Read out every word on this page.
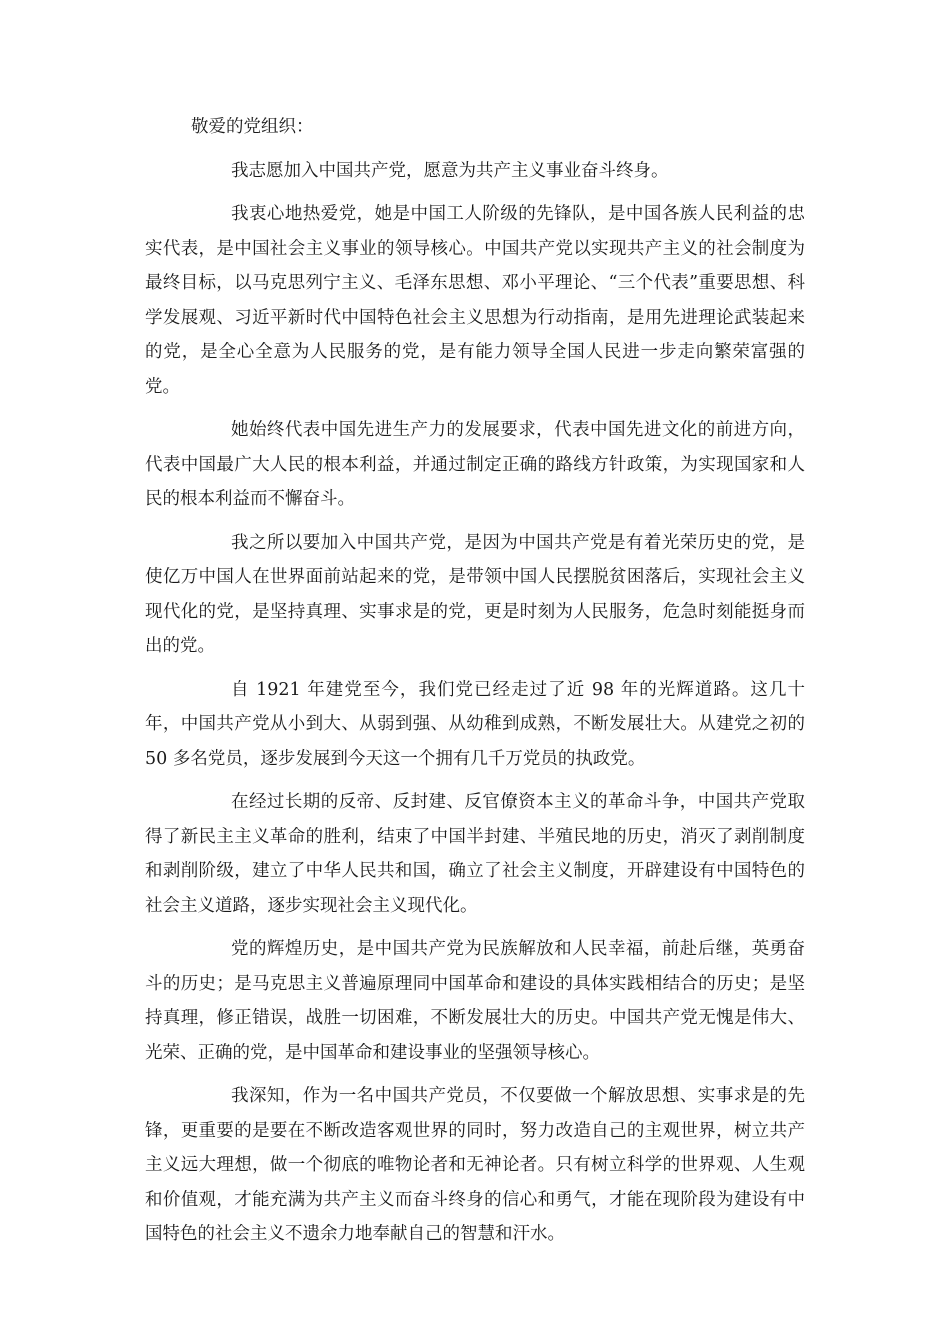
敬爱的党组织：

我志愿加入中国共产党，愿意为共产主义事业奋斗终身。

我衷心地热爱党，她是中国工人阶级的先锋队，是中国各族人民利益的忠实代表，是中国社会主义事业的领导核心。中国共产党以实现共产主义的社会制度为最终目标，以马克思列宁主义、毛泽东思想、邓小平理论、“三个代表”重要思想、科学发展观、习近平新时代中国特色社会主义思想为行动指南，是用先进理论武装起来的党，是全心全意为人民服务的党，是有能力领导全国人民进一步走向繁荣富强的党。

她始终代表中国先进生产力的发展要求，代表中国先进文化的前进方向，代表中国最广大人民的根本利益，并通过制定正确的路线方针政策，为实现国家和人民的根本利益而不懈奋斗。

我之所以要加入中国共产党，是因为中国共产党是有着光荣历史的党，是使亿万中国人在世界面前站起来的党，是带领中国人民摆脱贫困落后，实现社会主义现代化的党，是坚持真理、实事求是的党，更是时刻为人民服务，危急时刻能挺身而出的党。

自 1921 年建党至今，我们党已经走过了近 98 年的光辉道路。这几十年，中国共产党从小到大、从弱到强、从幼稚到成熟，不断发展壮大。从建党之初的 50 多名党员，逐步发展到今天这一个拥有几千万党员的执政党。

在经过长期的反帝、反封建、反官僚资本主义的革命斗争，中国共产党取得了新民主主义革命的胜利，结束了中国半封建、半殖民地的历史，消灭了剥削制度和剥削阶级，建立了中华人民共和国，确立了社会主义制度，开辟建设有中国特色的社会主义道路，逐步实现社会主义现代化。

党的辉煌历史，是中国共产党为民族解放和人民幸福，前赴后继，英勇奋斗的历史；是马克思主义普遍原理同中国革命和建设的具体实践相结合的历史；是坚持真理，修正错误，战胜一切困难，不断发展壮大的历史。中国共产党无愧是伟大、光荣、正确的党，是中国革命和建设事业的坚强领导核心。

我深知，作为一名中国共产党员，不仅要做一个解放思想、实事求是的先锋，更重要的是要在不断改造客观世界的同时，努力改造自己的主观世界，树立共产主义远大理想，做一个彻底的唯物论者和无神论者。只有树立科学的世界观、人生观和价值观，才能充满为共产主义而奋斗终身的信心和勇气，才能在现阶段为建设有中国特色的社会主义不遗余力地奉献自己的智慧和汗水。
